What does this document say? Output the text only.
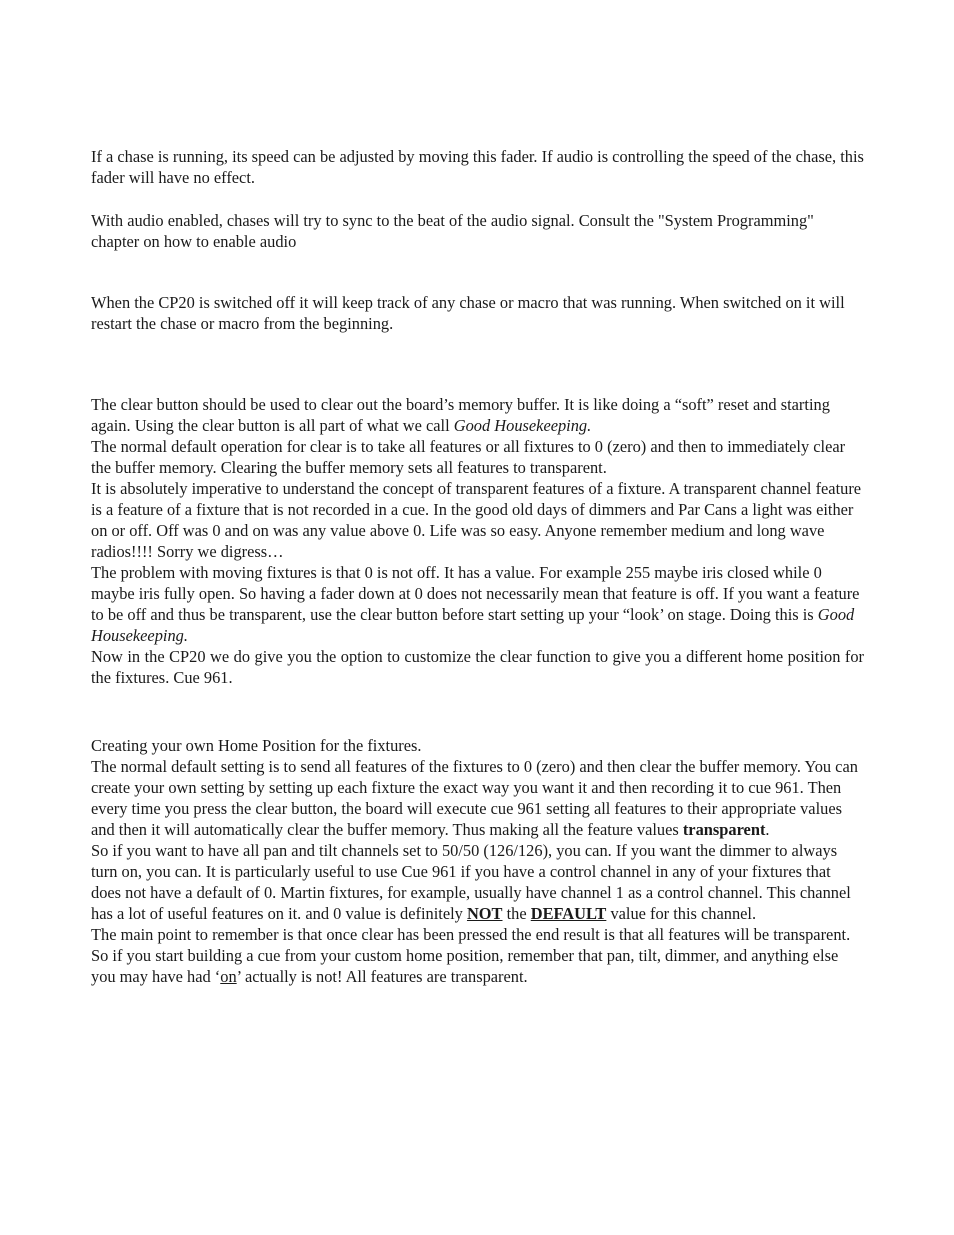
If a chase is running, its speed can be adjusted by moving this fader. If audio is controlling the speed of the chase, this fader will have no effect.

With audio enabled, chases will try to sync to the beat of the audio signal. Consult the "System Programming" chapter on how to enable audio

When the CP20 is switched off it will keep track of any chase or macro that was running. When switched on it will restart the chase or macro from the beginning.

The clear button should be used to clear out the board’s memory buffer. It is like doing a “soft” reset and starting again. Using the clear button is all part of what we call Good Housekeeping.

The normal default operation for clear is to take all features or all fixtures to 0 (zero) and then to immediately clear the buffer memory. Clearing the buffer memory sets all features to transparent.

It is absolutely imperative to understand the concept of transparent features of a fixture. A transparent channel feature is a feature of a fixture that is not recorded in a cue. In the good old days of dimmers and Par Cans a light was either on or off. Off was 0 and on was any value above 0. Life was so easy. Anyone remember medium and long wave radios!!!! Sorry we digress…

The problem with moving fixtures is that 0 is not off. It has a value. For example 255 maybe iris closed while 0 maybe iris fully open. So having a fader down at 0 does not necessarily mean that feature is off. If you want a feature to be off and thus be transparent, use the clear button before start setting up your “look’ on stage. Doing this is Good Housekeeping.

Now in the CP20 we do give you the option to customize the clear function to give you a different home position for the fixtures. Cue 961.

Creating your own Home Position for the fixtures.

The normal default setting is to send all features of the fixtures to 0 (zero) and then clear the buffer memory. You can create your own setting by setting up each fixture the exact way you want it and then recording it to cue 961. Then every time you press the clear button, the board will execute cue 961 setting all features to their appropriate values and then it will automatically clear the buffer memory. Thus making all the feature values transparent.

So if you want to have all pan and tilt channels set to 50/50 (126/126), you can. If you want the dimmer to always turn on, you can. It is particularly useful to use Cue 961 if you have a control channel in any of your fixtures that does not have a default of 0. Martin fixtures, for example, usually have channel 1 as a control channel. This channel has a lot of useful features on it. and 0 value is definitely NOT the DEFAULT value for this channel.

The main point to remember is that once clear has been pressed the end result is that all features will be transparent. So if you start building a cue from your custom home position, remember that pan, tilt, dimmer, and anything else you may have had ‘on’ actually is not! All features are transparent.
